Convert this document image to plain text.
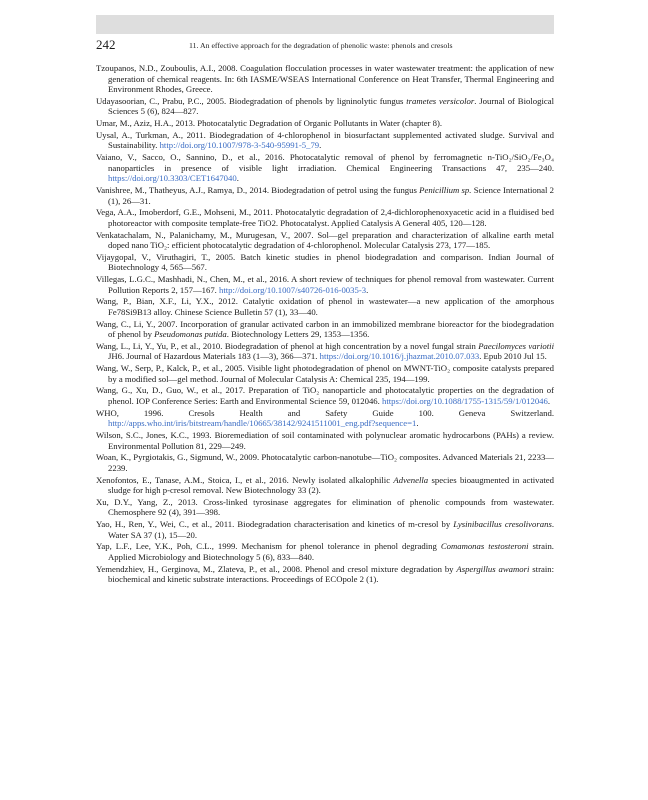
242	11. An effective approach for the degradation of phenolic waste: phenols and cresols
Tzoupanos, N.D., Zouboulis, A.I., 2008. Coagulation flocculation processes in water wastewater treatment: the application of new generation of chemical reagents. In: 6th IASME/WSEAS International Conference on Heat Transfer, Thermal Engineering and Environment Rhodes, Greece.
Udayasoorian, C., Prabu, P.C., 2005. Biodegradation of phenols by ligninolytic fungus trametes versicolor. Journal of Biological Sciences 5 (6), 824—827.
Umar, M., Aziz, H.A., 2013. Photocatalytic Degradation of Organic Pollutants in Water (chapter 8).
Uysal, A., Turkman, A., 2011. Biodegradation of 4-chlorophenol in biosurfactant supplemented activated sludge. Survival and Sustainability. http://doi.org/10.1007/978-3-540-95991-5_79.
Vaiano, V., Sacco, O., Sannino, D., et al., 2016. Photocatalytic removal of phenol by ferromagnetic n-TiO₂/SiO₂/Fe₃O₄ nanoparticles in presence of visible light irradiation. Chemical Engineering Transactions 47, 235—240. https://doi.org/10.3303/CET1647040.
Vanishree, M., Thatheyus, A.J., Ramya, D., 2014. Biodegradation of petrol using the fungus Penicillium sp. Science International 2 (1), 26—31.
Vega, A.A., Imoberdorf, G.E., Mohseni, M., 2011. Photocatalytic degradation of 2,4-dichlorophenoxyacetic acid in a fluidised bed photoreactor with composite template-free TiO2. Photocatalyst. Applied Catalysis A General 405, 120—128.
Venkatachalam, N., Palanichamy, M., Murugesan, V., 2007. Sol—gel preparation and characterization of alkaline earth metal doped nano TiO₂: efficient photocatalytic degradation of 4-chlorophenol. Molecular Catalysis 273, 177—185.
Vijaygopal, V., Viruthagiri, T., 2005. Batch kinetic studies in phenol biodegradation and comparison. Indian Journal of Biotechnology 4, 565—567.
Villegas, L.G.C., Mashhadi, N., Chen, M., et al., 2016. A short review of techniques for phenol removal from wastewater. Current Pollution Reports 2, 157—167. http://doi.org/10.1007/s40726-016-0035-3.
Wang, P., Bian, X.F., Li, Y.X., 2012. Catalytic oxidation of phenol in wastewater—a new application of the amorphous Fe78Si9B13 alloy. Chinese Science Bulletin 57 (1), 33—40.
Wang, C., Li, Y., 2007. Incorporation of granular activated carbon in an immobilized membrane bioreactor for the biodegradation of phenol by Pseudomonas putida. Biotechnology Letters 29, 1353—1356.
Wang, L., Li, Y., Yu, P., et al., 2010. Biodegradation of phenol at high concentration by a novel fungal strain Paecilomyces variotii JH6. Journal of Hazardous Materials 183 (1—3), 366—371. https://doi.org/10.1016/j.jhazmat.2010.07.033. Epub 2010 Jul 15.
Wang, W., Serp, P., Kalck, P., et al., 2005. Visible light photodegradation of phenol on MWNT-TiO₂ composite catalysts prepared by a modified sol—gel method. Journal of Molecular Catalysis A: Chemical 235, 194—199.
Wang, G., Xu, D., Guo, W., et al., 2017. Preparation of TiO₂ nanoparticle and photocatalytic properties on the degradation of phenol. IOP Conference Series: Earth and Environmental Science 59, 012046. https://doi.org/10.1088/1755-1315/59/1/012046.
WHO, 1996. Cresols Health and Safety Guide 100. Geneva Switzerland. http://apps.who.int/iris/bitstream/handle/10665/38142/9241511001_eng.pdf?sequence=1.
Wilson, S.C., Jones, K.C., 1993. Bioremediation of soil contaminated with polynuclear aromatic hydrocarbons (PAHs) a review. Environmental Pollution 81, 229—249.
Woan, K., Pyrgiotakis, G., Sigmund, W., 2009. Photocatalytic carbon-nanotube—TiO₂ composites. Advanced Materials 21, 2233—2239.
Xenofontos, E., Tanase, A.M., Stoica, I., et al., 2016. Newly isolated alkalophilic Advenella species bioaugmented in activated sludge for high p-cresol removal. New Biotechnology 33 (2).
Xu, D.Y., Yang, Z., 2013. Cross-linked tyrosinase aggregates for elimination of phenolic compounds from wastewater. Chemosphere 92 (4), 391—398.
Yao, H., Ren, Y., Wei, C., et al., 2011. Biodegradation characterisation and kinetics of m-cresol by Lysinibacillus cresolivorans. Water SA 37 (1), 15—20.
Yap, L.F., Lee, Y.K., Poh, C.L., 1999. Mechanism for phenol tolerance in phenol degrading Comamonas testosteroni strain. Applied Microbiology and Biotechnology 5 (6), 833—840.
Yemendzhiev, H., Gerginova, M., Zlateva, P., et al., 2008. Phenol and cresol mixture degradation by Aspergillus awamori strain: biochemical and kinetic substrate interactions. Proceedings of ECOpole 2 (1).
